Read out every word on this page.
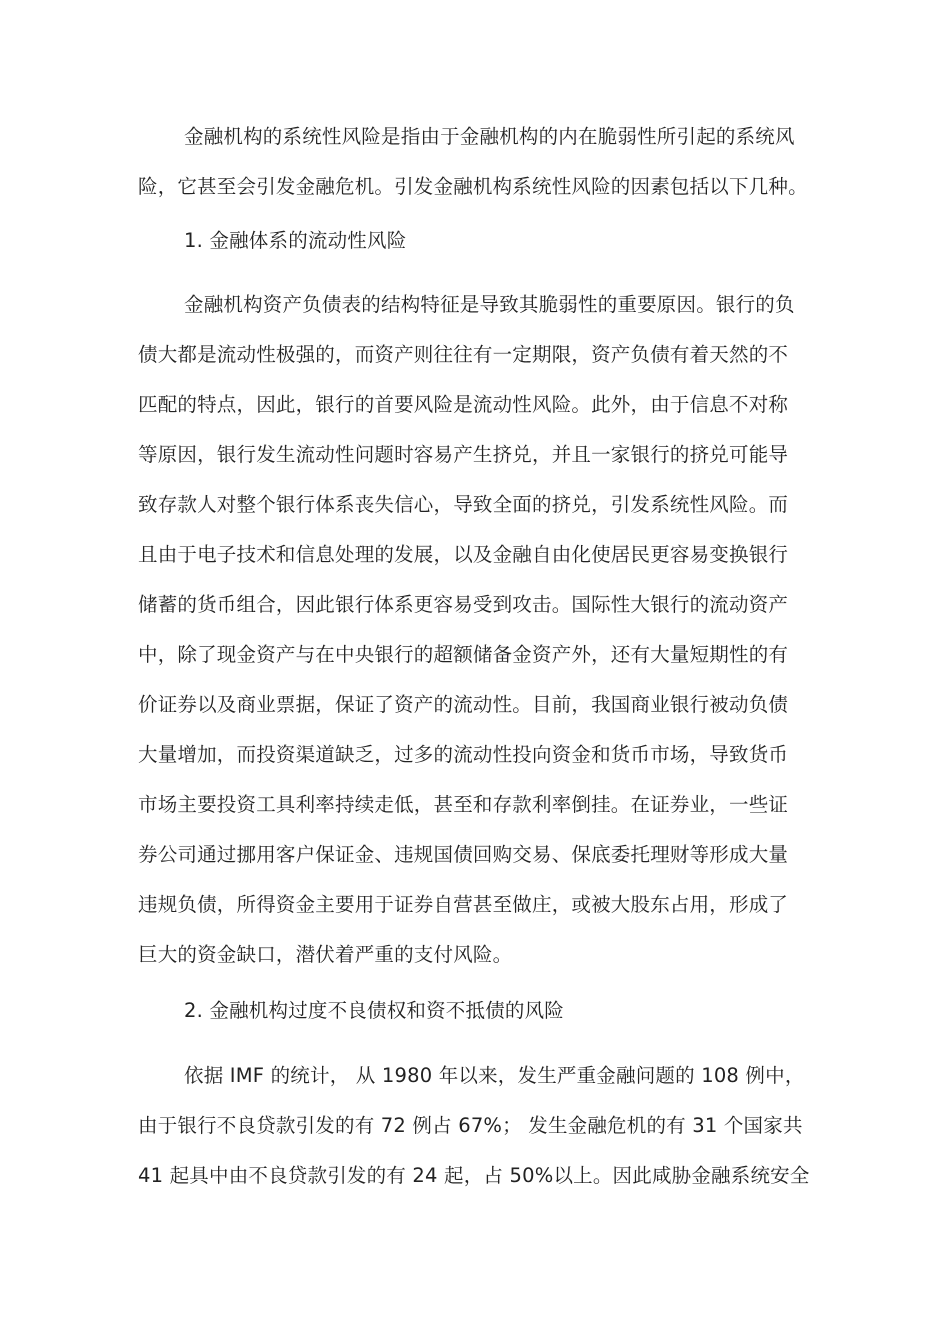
金融机构的系统性风险是指由于金融机构的内在脆弱性所引起的系统风
险，它甚至会引发金融危机。引发金融机构系统性风险的因素包括以下几种。

1. 金融体系的流动性风险

金融机构资产负债表的结构特征是导致其脆弱性的重要原因。银行的负
债大都是流动性极强的，而资产则往往有一定期限，资产负债有着天然的不
匹配的特点，因此，银行的首要风险是流动性风险。此外，由于信息不对称
等原因，银行发生流动性问题时容易产生挤兑，并且一家银行的挤兑可能导
致存款人对整个银行体系丧失信心，导致全面的挤兑，引发系统性风险。而
且由于电子技术和信息处理的发展，以及金融自由化使居民更容易变换银行
储蓄的货币组合，因此银行体系更容易受到攻击。国际性大银行的流动资产
中，除了现金资产与在中央银行的超额储备金资产外，还有大量短期性的有
价证券以及商业票据，保证了资产的流动性。目前，我国商业银行被动负债
大量增加，而投资渠道缺乏，过多的流动性投向资金和货币市场，导致货币
市场主要投资工具利率持续走低，甚至和存款利率倒挂。在证券业，一些证
券公司通过挪用客户保证金、违规国债回购交易、保底委托理财等形成大量
违规负债，所得资金主要用于证券自营甚至做庄，或被大股东占用，形成了
巨大的资金缺口，潜伏着严重的支付风险。

2. 金融机构过度不良债权和资不抵债的风险

依据 IMF 的统计， 从 1980 年以来，发生严重金融问题的 108 例中，
由于银行不良贷款引发的有 72 例占 67%； 发生金融危机的有 31 个国家共
41 起具中由不良贷款引发的有 24 起，占 50%以上。因此咸胁金融系统安全
